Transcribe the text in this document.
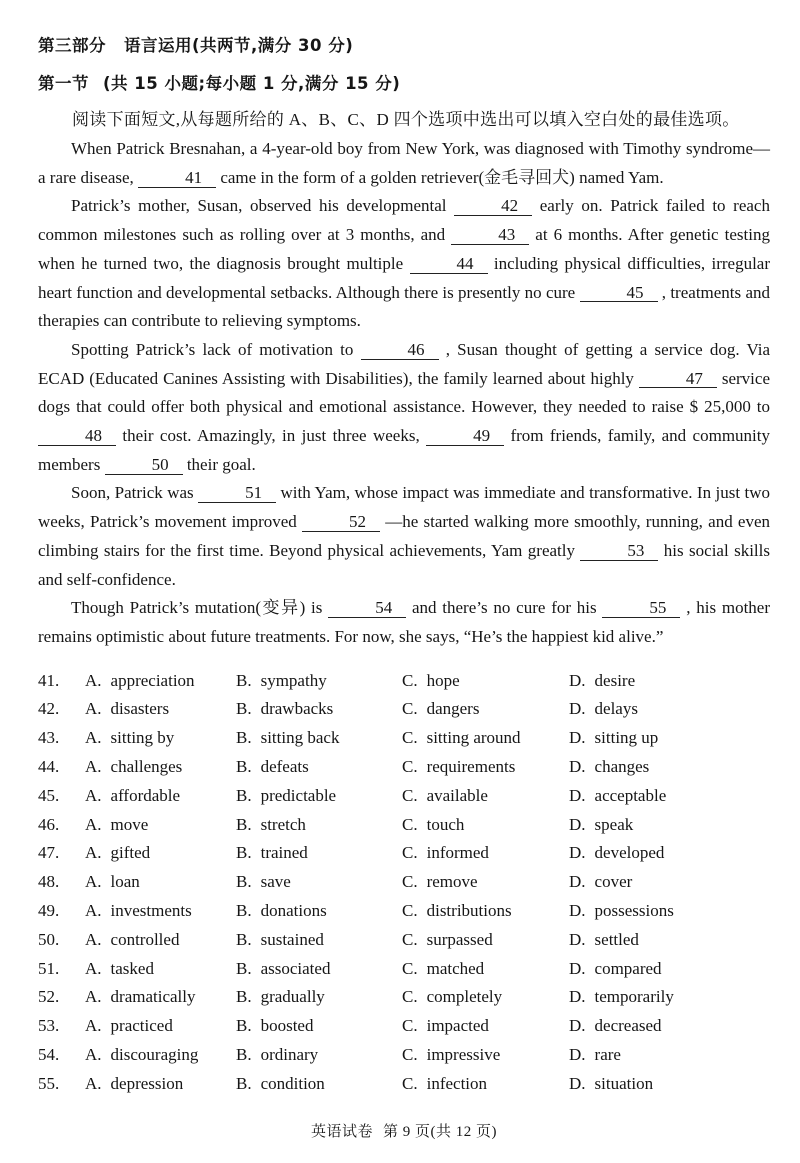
第三部分 语言运用(共两节,满分 30 分)
第一节 (共 15 小题;每小题 1 分,满分 15 分)
阅读下面短文,从每题所给的 A、B、C、D 四个选项中选出可以填入空白处的最佳选项。

When Patrick Bresnahan, a 4-year-old boy from New York, was diagnosed with Timothy syndrome—a rare disease,	41 came in the form of a golden retriever(金毛寻回犬) named Yam.

Patrick’s mother, Susan, observed his developmental	42 early on. Patrick failed to reach common milestones such as rolling over at 3 months, and	43 at 6 months. After genetic testing when he turned two, the diagnosis brought multiple	44 including physical difficulties, irregular heart function and developmental setbacks. Although there is presently no cure	45 , treatments and therapies can contribute to relieving symptoms.

Spotting Patrick’s lack of motivation to	46 , Susan thought of getting a service dog. Via ECAD (Educated Canines Assisting with Disabilities), the family learned about highly	47 service dogs that could offer both physical and emotional assistance. However, they needed to raise $ 25,000 to 48 their cost. Amazingly, in just three weeks,	49 from friends, family, and community members	50 their goal.

Soon, Patrick was	51 with Yam, whose impact was immediate and transformative. In just two weeks, Patrick’s movement improved	52 —he started walking more smoothly, running, and even climbing stairs for the first time. Beyond physical achievements, Yam greatly	53 his social skills and self-confidence.

Though Patrick’s mutation(变异) is	54 and there’s no cure for his	55 , his mother remains optimistic about future treatments. For now, she says, “He’s the happiest kid alive.”

41. A. appreciation	B. sympathy	C. hope	D. desire
42. A. disasters	B. drawbacks	C. dangers	D. delays
43. A. sitting by	B. sitting back	C. sitting around	D. sitting up
44. A. challenges	B. defeats	C. requirements	D. changes
45. A. affordable	B. predictable	C. available	D. acceptable
46. A. move	B. stretch	C. touch	D. speak
47. A. gifted	B. trained	C. informed	D. developed
48. A. loan	B. save	C. remove	D. cover
49. A. investments	B. donations	C. distributions	D. possessions
50. A. controlled	B. sustained	C. surpassed	D. settled
51. A. tasked	B. associated	C. matched	D. compared
52. A. dramatically	B. gradually	C. completely	D. temporarily
53. A. practiced	B. boosted	C. impacted	D. decreased
54. A. discouraging	B. ordinary	C. impressive	D. rare
55. A. depression	B. condition	C. infection	D. situation
英语试卷 第 9 页(共 12 页)
